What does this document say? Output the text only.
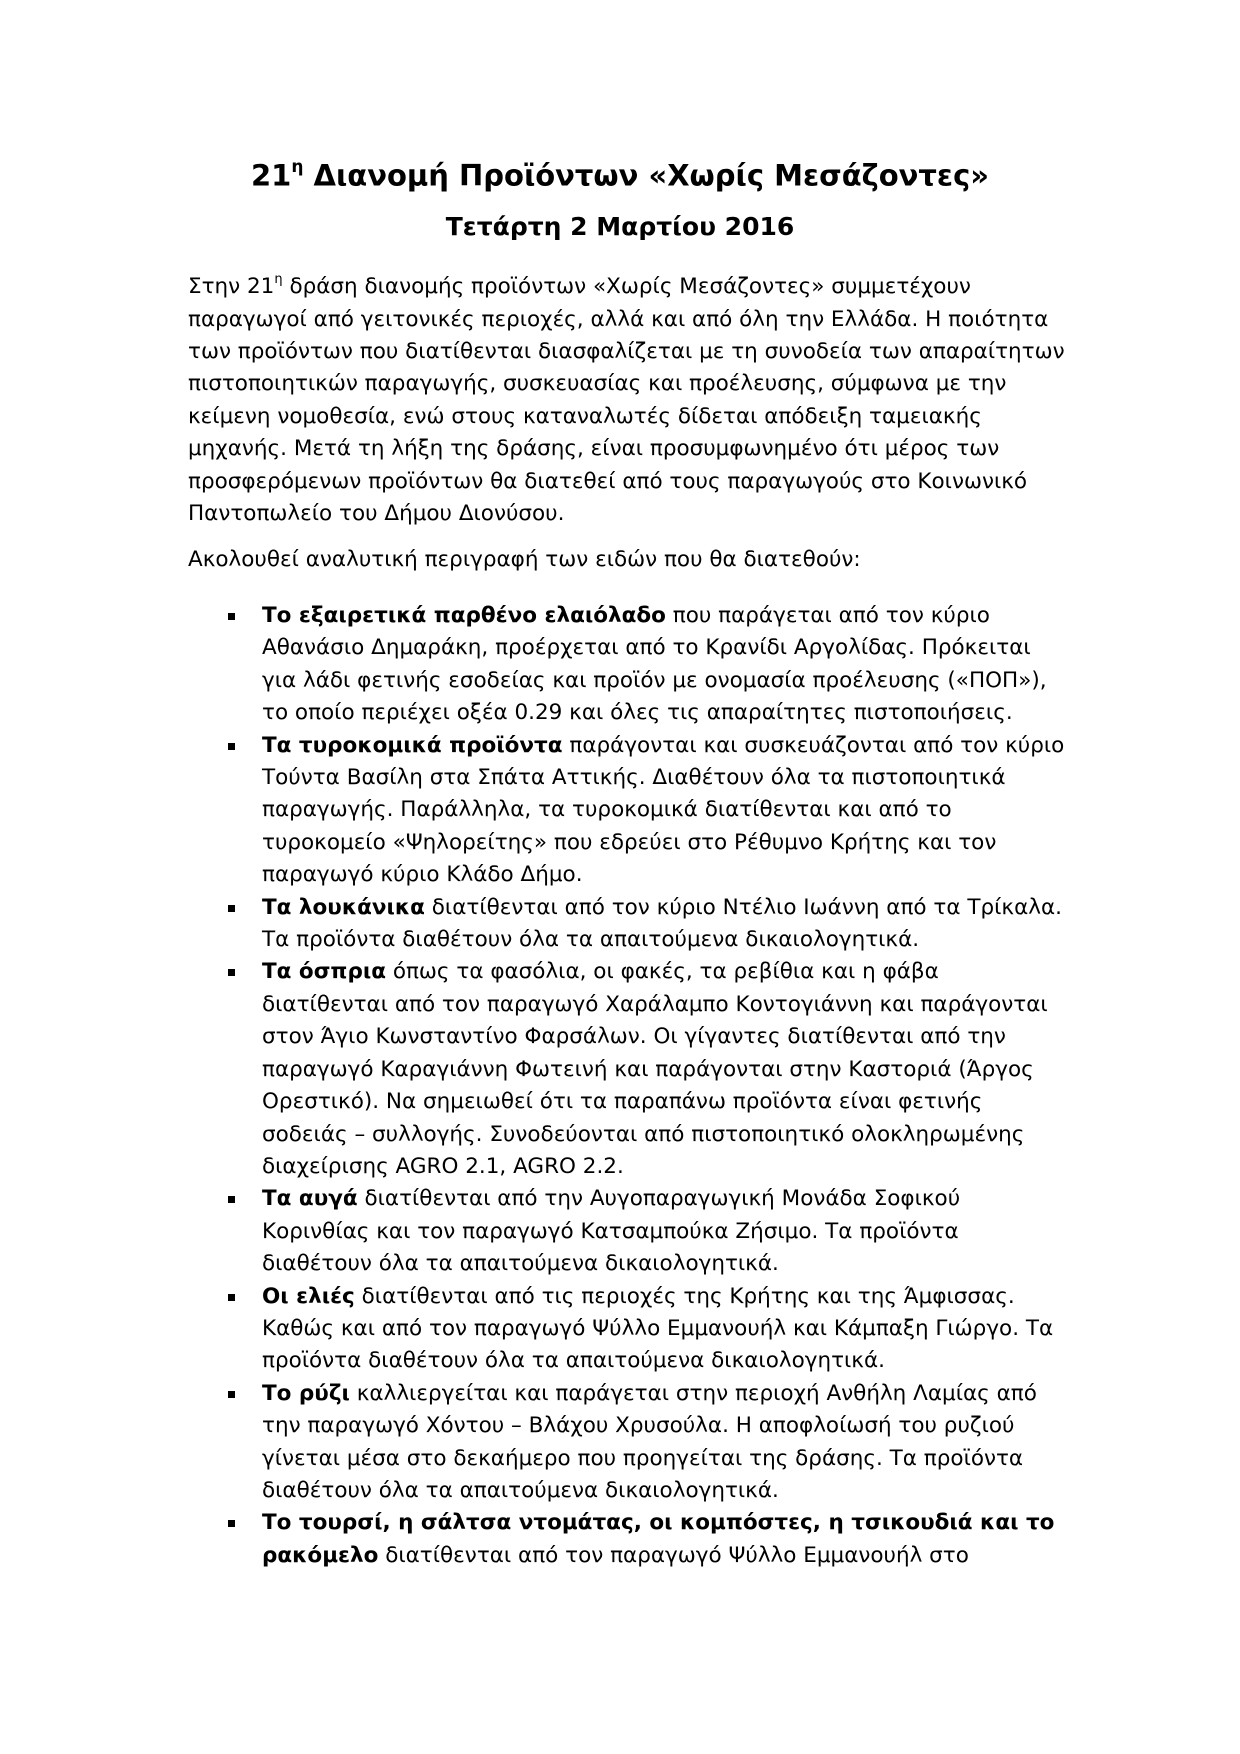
$21^\eta$ Διανομή Προϊόντων «Χωρίς Μεσάζοντες»
Τετάρτη 2 Μαρτίου 2016

Στην $21^\eta$ δράση διανομής προϊόντων «Χωρίς Μεσάζοντες» συμμετέχουν παραγωγοί από γειτονικές περιοχές, αλλά και από όλη την Ελλάδα. Η ποιότητα των προϊόντων που διατίθενται διασφαλίζεται με τη συνοδεία των απαραίτητων πιστοποιητικών παραγωγής, συσκευασίας και προέλευσης, σύμφωνα με την κείμενη νομοθεσία, ενώ στους καταναλωτές δίδεται απόδειξη ταμειακής μηχανής. Μετά τη λήξη της δράσης, είναι προσυμφωνημένο ότι μέρος των προσφερόμενων προϊόντων θα διατεθεί από τους παραγωγούς στο Κοινωνικό Παντοπωλείο του Δήμου Διονύσου.

Ακολουθεί αναλυτική περιγραφή των ειδών που θα διατεθούν:

Το εξαιρετικά παρθένο ελαιόλαδο που παράγεται από τον κύριο Αθανάσιο Δημαράκη, προέρχεται από το Κρανίδι Αργολίδας. Πρόκειται για λάδι φετινής εσοδείας και προϊόν με ονομασία προέλευσης («ΠΟΠ»), το οποίο περιέχει οξέα 0.29 και όλες τις απαραίτητες πιστοποιήσεις.
Τα τυροκομικά προϊόντα παράγονται και συσκευάζονται από τον κύριο Τούντα Βασίλη στα Σπάτα Αττικής. Διαθέτουν όλα τα πιστοποιητικά παραγωγής. Παράλληλα, τα τυροκομικά διατίθενται και από το τυροκομείο «Ψηλορείτης» που εδρεύει στο Ρέθυμνο Κρήτης και τον παραγωγό κύριο Κλάδο Δήμο.
Τα λουκάνικα διατίθενται από τον κύριο Ντέλιο Ιωάννη από τα Τρίκαλα. Τα προϊόντα διαθέτουν όλα τα απαιτούμενα δικαιολογητικά.
Τα όσπρια όπως τα φασόλια, οι φακές, τα ρεβίθια και η φάβα διατίθενται από τον παραγωγό Χαράλαμπο Κοντογιάννη και παράγονται στον Άγιο Κωνσταντίνο Φαρσάλων. Οι γίγαντες διατίθενται από την παραγωγό Καραγιάννη Φωτεινή και παράγονται στην Καστοριά (Άργος Ορεστικό). Να σημειωθεί ότι τα παραπάνω προϊόντα είναι φετινής σοδειάς – συλλογής. Συνοδεύονται από πιστοποιητικό ολοκληρωμένης διαχείρισης AGRO 2.1, AGRO 2.2.
Τα αυγά διατίθενται από την Αυγοπαραγωγική Μονάδα Σοφικού Κορινθίας και τον παραγωγό Κατσαμπούκα Ζήσιμο. Τα προϊόντα διαθέτουν όλα τα απαιτούμενα δικαιολογητικά.
Οι ελιές διατίθενται από τις περιοχές της Κρήτης και της Άμφισσας. Καθώς και από τον παραγωγό Ψύλλο Εμμανουήλ και Κάμπαξη Γιώργο. Τα προϊόντα διαθέτουν όλα τα απαιτούμενα δικαιολογητικά.
Το ρύζι καλλιεργείται και παράγεται στην περιοχή Ανθήλη Λαμίας από την παραγωγό Χόντου – Βλάχου Χρυσούλα. Η αποφλοίωσή του ρυζιού γίνεται μέσα στο δεκαήμερο που προηγείται της δράσης. Τα προϊόντα διαθέτουν όλα τα απαιτούμενα δικαιολογητικά.
Το τουρσί, η σάλτσα ντομάτας, οι κομπόστες, η τσικουδιά και το ρακόμελο διατίθενται από τον παραγωγό Ψύλλο Εμμανουήλ στο
